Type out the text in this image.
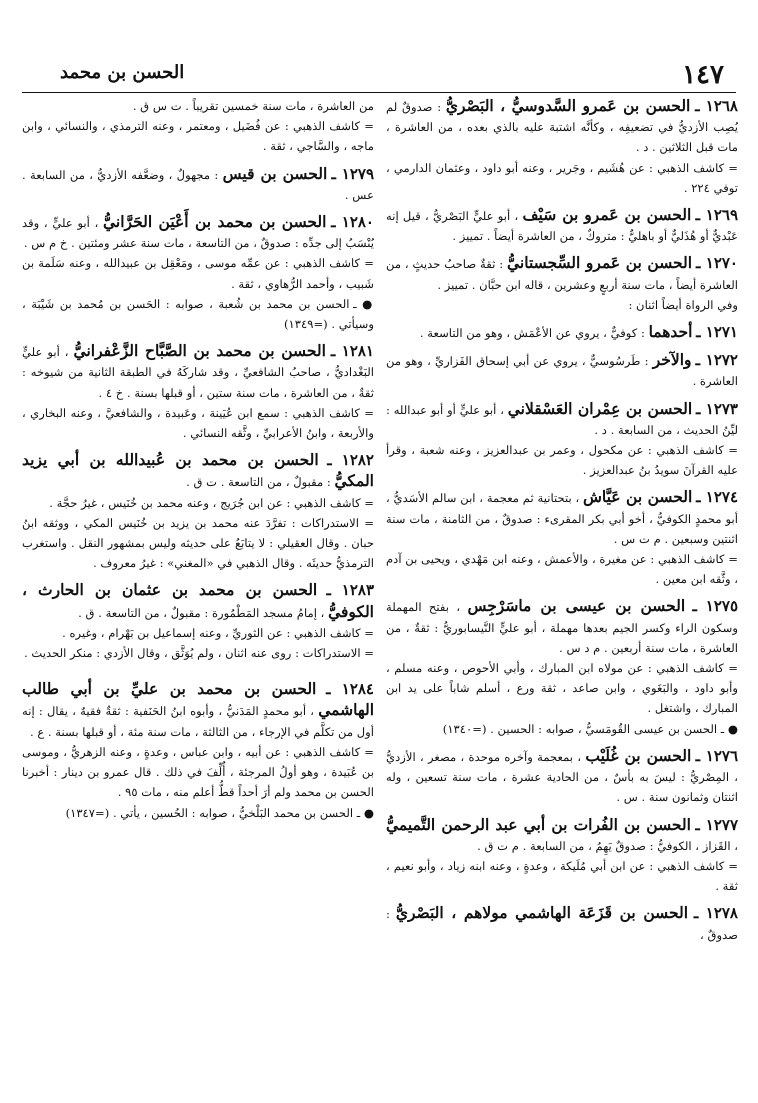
١٤٧
الحسن بن محمد

من العاشرة ، مات سنة خمسين تقريباً . ت س ق .

= كاشف الذهبي : عن فُضَيل ، ومعتمر ، وعنه الترمذي ، والنسائي ، وابن ماجه ، والسَّاجي ، ثقة .

١٢٧٩ ـ الحسن بن قيس : مجهولٌ ، وضعَّفه الأزديُّ ، من السابعة . عس .

١٢٨٠ ـ الحسن بن محمد بن أَعْيَن الحَرَّانيُّ ، أبو عليٍّ ، وقد يُنْسَبُ إلى جدِّه : صدوقٌ ، من التاسعة ، مات سنة عشر ومئتين . خ م س .

= كاشف الذهبي : عن عمِّه موسى ، ومَعْقِل بن عبيدالله ، وعنه سَلَمة بن شَبيب ، وأحمد الرُّهاوي ، ثقة .

● ـ الحسن بن محمد بن شُعبة ، صوابه : الحَسن بن مُحمد بن شَيْبَة ، وسيأتي . (=١٣٤٩)

١٢٨١ ـ الحسن بن محمد بن الصَّبَّاح الزَّعْفرانيُّ ، أبو عليٍّ البَغْداديُّ ، صاحبُ الشافعيِّ ، وقد شاركَهُ في الطبقة الثانية من شيوخه : ثقةٌ ، من العاشرة ، مات سنة ستين ، أو قبلها بسنة . خ ٤ .

= كاشف الذهبي : سمع ابن عُيَينة ، وعَبيدة ، والشافعيَّ ، وعنه البخاري ، والأربعة ، وابنُ الأعرابيِّ ، وثَّقه النسائي .

١٢٨٢ ـ الحسن بن محمد بن عُبيدالله بن أبي يزيد المكيُّ : مقبولٌ ، من التاسعة . ت ق .

= كاشف الذهبي : عن ابن جُرَيج ، وعنه محمد بن خُنَيس ، غيرُ حجَّة .

= الاستدراكات : تفرَّدَ عنه محمد بن يزيد بن خُنَيس المكي ، ووثقه ابنُ حبان . وقال العقيلي : لا يتابَعُ على حديثه وليس بمشهور النقل . واستغرب الترمذيُّ حديثَه . وقال الذهبي في «المغني» : غيرُ معروف .

١٢٨٣ ـ الحسن بن محمد بن عثمان بن الحارث ، الكوفيُّ ، إمامُ مسجد المَطْمُورة : مقبولٌ ، من التاسعة . ق .

= كاشف الذهبي : عن الثوريِّ ، وعنه إسماعيل بن بَهْرام ، وغيره .

= الاستدراكات : روى عنه اثنان ، ولم يُوَثَّق ، وقال الأزدي : منكر الحديث .

١٢٨٤ ـ الحسن بن محمد بن عليِّ بن أبي طالب الهاشمي ، أبو محمدٍ المَدَنيُّ ، وأبوه ابنُ الحَنَفية : ثقةٌ فقيهٌ ، يقال : إنه أول من تكلَّم في الإرجاء ، من الثالثة ، مات سنة مئة ، أو قبلها بسنة . ع .

= كاشف الذهبي : عن أبيه ، وابن عباس ، وعدةٍ ، وعنه الزهريُّ ، وموسى بن عُبَيدة ، وهو أولُ المرجئة ، أُلِّفَ في ذلك . قال عمرو بن دينار : أخبرنا الحسن بن محمد ولم أرَ أحداً قطُّ أعلم منه ، مات ٩٥ .

● ـ الحسن بن محمد البَلْخيُّ ، صوابه : الحُسين ، يأتي . (=١٣٤٧)

١٢٦٨ ـ الحسن بن عَمرو السَّدوسيُّ ، البَصْريُّ : صدوقٌ لم يُصِب الأزديُّ في تضعيفِه ، وكأنَّه اشتبهَ عليه بالذي بعده ، من العاشرة ، مات قبل الثلاثين . د .

= كاشف الذهبي : عن هُشَيم ، وجَرير ، وعنه أبو داود ، وعثمان الدارمي ، توفي ٢٢٤ .

١٢٦٩ ـ الحسن بن عَمرو بن سَيْف ، أبو عليٍّ البَصْريُّ ، قيل إنه عَبْديٌّ أو هُذَليٌّ أو باهليٌّ : متروكٌ ، من العاشرة أيضاً . تمييز .

١٢٧٠ ـ الحسن بن عَمرو السِّجستانيُّ : ثقةٌ صاحبُ حديثٍ ، من العاشرة أيضاً ، مات سنة أربعٍ وعشرين ، قاله ابن حبَّان . تمييز .

وفي الرواة أيضاً اثنان :

١٢٧١ ـ أحدهما : كوفيٌّ ، يروي عن الأعْمَش ، وهو من التاسعة .

١٢٧٢ ـ والآخر : طَرسُوسيٌّ ، يروي عن أبي إسحاق الفَزاريِّ ، وهو من العاشرة .

١٢٧٣ ـ الحسن بن عِمْران العَسْقلاني ، أبو عليٍّ أو أبو عبدالله : ليِّنُ الحديث ، من السابعة . د .

= كاشف الذهبي : عن مكحول ، وعمر بن عبدالعزيز ، وعنه شعبة ، وقرأ عليه القرآنَ سويدُ بنُ عبدالعزيز .

١٢٧٤ ـ الحسن بن عَيَّاش ، بتحتانية ثم معجمة ، ابن سالم الأسَديُّ ، أبو محمدٍ الكوفيُّ ، أخو أبي بكر المقرىء : صدوقٌ ، من الثامنة ، مات سنة اثنتين وسبعين . م ت س .

= كاشف الذهبي : عن مغيرة ، والأعمش ، وعنه ابن مَهْدي ، ويحيى بن آدم ، وثَّقه ابن معين .

١٢٧٥ ـ الحسن بن عيسى بن ماسَرْجِس ، بفتح المهملة وسكون الراء وكسر الجيم بعدها مهملة ، أبو عليٍّ النَّيسابوريُّ : ثقةٌ ، من العاشرة ، مات سنة أربعين . م د س .

= كاشف الذهبي : عن مولاه ابن المبارك ، وأبي الأحوص ، وعنه مسلم ، وأبو داود ، والبَغَوي ، وابن صاعد ، ثقة ورع ، أسلم شاباً على يد ابن المبارك ، واشتغل .

● ـ الحسن بن عيسى القُومَسيُّ ، صوابه : الحسين . (=١٣٤٠)

١٢٧٦ ـ الحسن بن غُلَيْب ، بمعجمة وآخره موحدة ، مصغر ، الأزديُّ ، المِصْريُّ : ليسَ به بأسٌ ، من الحادية عشرة ، مات سنة تسعين ، وله اثنتان وثمانون سنة . س .

١٢٧٧ ـ الحسن بن الفُرات بن أبي عبد الرحمن التَّميميُّ ، القَزاز ، الكوفيُّ : صدوقٌ يَهِمُ ، من السابعة . م ت ق .

= كاشف الذهبي : عن ابن أبي مُلَيكة ، وعدةٍ ، وعنه ابنه زياد ، وأبو نعيم ، ثقة .

١٢٧٨ ـ الحسن بن قَزَعَة الهاشمي مولاهم ، البَصْريُّ : صدوقٌ ،
